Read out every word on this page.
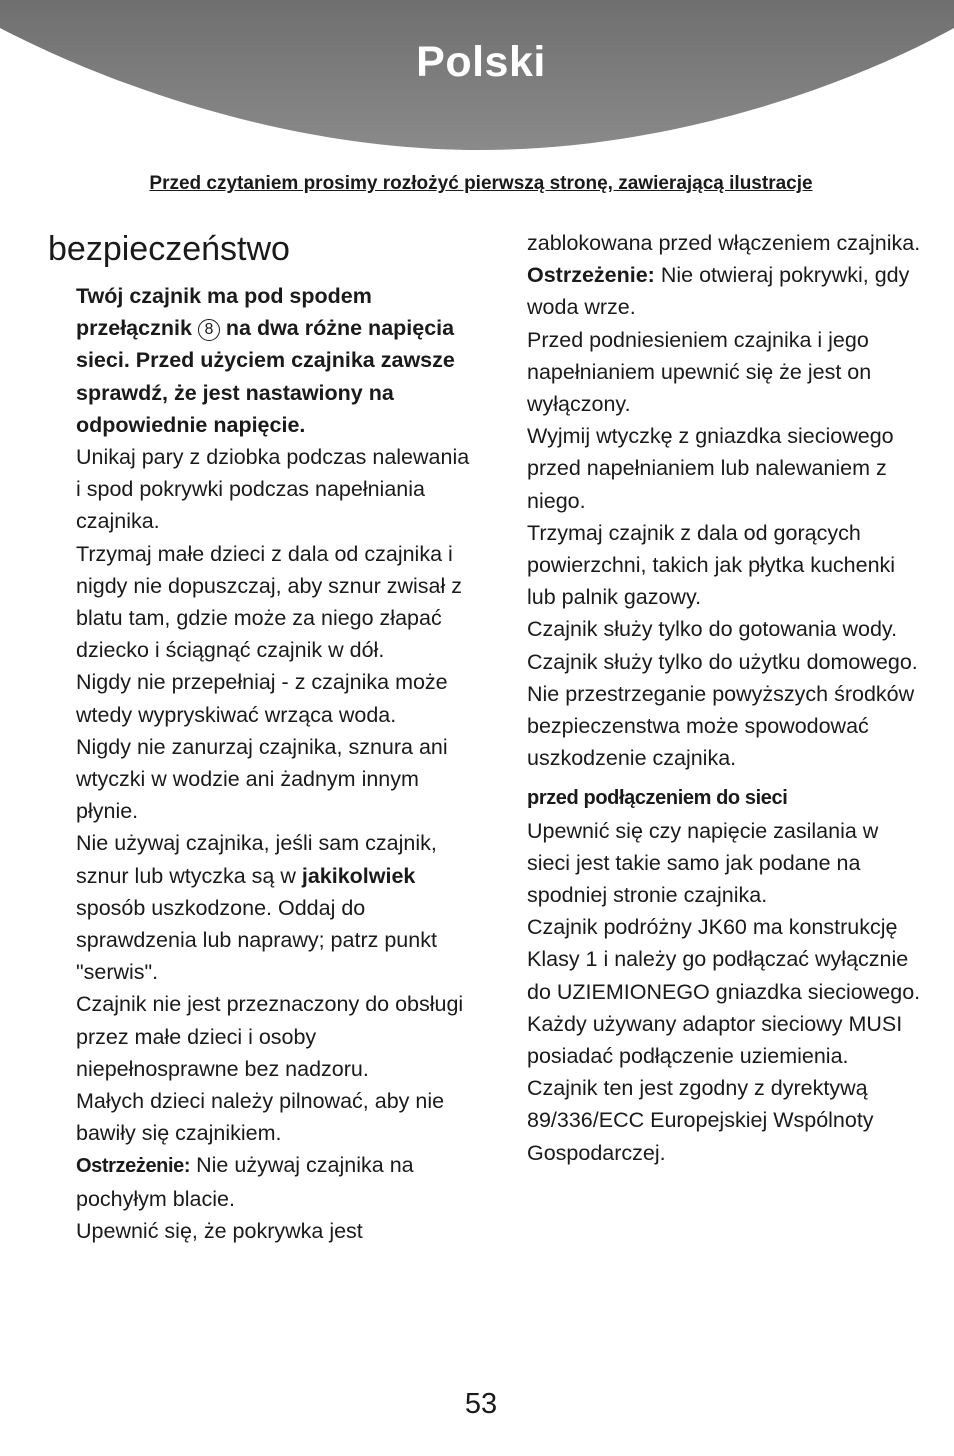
Polski
Przed czytaniem prosimy rozłożyć pierwszą stronę, zawierającą ilustracje
bezpieczeństwo

Twój czajnik ma pod spodem przełącznik 8 na dwa różne napięcia sieci. Przed użyciem czajnika zawsze sprawdź, że jest nastawiony na odpowiednie napięcie.

Unikaj pary z dziobka podczas nalewania i spod pokrywki podczas napełniania czajnika.

Trzymaj małe dzieci z dala od czajnika i nigdy nie dopuszczaj, aby sznur zwisał z blatu tam, gdzie może za niego złapać dziecko i ściągnąć czajnik w dół.

Nigdy nie przepełniaj - z czajnika może wtedy wypryskiwać wrząca woda.

Nigdy nie zanurzaj czajnika, sznura ani wtyczki w wodzie ani żadnym innym płynie.

Nie używaj czajnika, jeśli sam czajnik, sznur lub wtyczka są w jakikolwiek sposób uszkodzone. Oddaj do sprawdzenia lub naprawy; patrz punkt "serwis".

Czajnik nie jest przeznaczony do obsługi przez małe dzieci i osoby niepełnosprawne bez nadzoru.

Małych dzieci należy pilnować, aby nie bawiły się czajnikiem.

Ostrzeżenie: Nie używaj czajnika na pochyłym blacie.

Upewnić się, że pokrywka jest

zablokowana przed włączeniem czajnika.

Ostrzeżenie: Nie otwieraj pokrywki, gdy woda wrze.

Przed podniesieniem czajnika i jego napełnianiem upewnić się że jest on wyłączony.

Wyjmij wtyczkę z gniazdka sieciowego przed napełnianiem lub nalewaniem z niego.

Trzymaj czajnik z dala od gorących powierzchni, takich jak płytka kuchenki lub palnik gazowy.

Czajnik służy tylko do gotowania wody.

Czajnik służy tylko do użytku domowego.

Nie przestrzeganie powyższych środków bezpieczenstwa może spowodować uszkodzenie czajnika.

przed podłączeniem do sieci

Upewnić się czy napięcie zasilania w sieci jest takie samo jak podane na spodniej stronie czajnika.

Czajnik podróżny JK60 ma konstrukcję Klasy 1 i należy go podłączać wyłącznie do UZIEMIONEGO gniazdka sieciowego. Każdy używany adaptor sieciowy MUSI posiadać podłączenie uziemienia.

Czajnik ten jest zgodny z dyrektywą 89/336/ECC Europejskiej Wspólnoty Gospodarczej.

53
